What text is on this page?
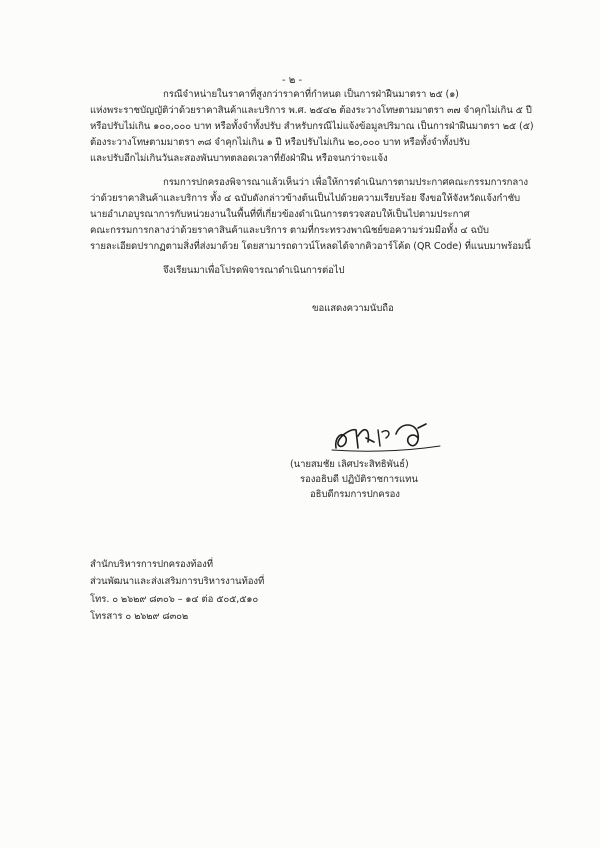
- ๒ -
กรณีจำหน่ายในราคาที่สูงกว่าราคาที่กำหนด เป็นการฝ่าฝืนมาตรา ๒๕ (๑)
แห่งพระราชบัญญัติว่าด้วยราคาสินค้าและบริการ พ.ศ. ๒๕๔๒ ต้องระวางโทษตามมาตรา ๓๗ จำคุกไม่เกิน ๕ ปี
หรือปรับไม่เกิน ๑๐๐,๐๐๐ บาท หรือทั้งจำทั้งปรับ สำหรับกรณีไม่แจ้งข้อมูลปริมาณ เป็นการฝ่าฝืนมาตรา ๒๕ (๕)
ต้องระวางโทษตามมาตรา ๓๘ จำคุกไม่เกิน ๑ ปี หรือปรับไม่เกิน ๒๐,๐๐๐ บาท หรือทั้งจำทั้งปรับ
และปรับอีกไม่เกินวันละสองพันบาทตลอดเวลาที่ยังฝ่าฝืน หรือจนกว่าจะแจ้ง
กรมการปกครองพิจารณาแล้วเห็นว่า เพื่อให้การดำเนินการตามประกาศคณะกรรมการกลาง
ว่าด้วยราคาสินค้าและบริการ ทั้ง ๔ ฉบับดังกล่าวข้างต้นเป็นไปด้วยความเรียบร้อย จึงขอให้จังหวัดแจ้งกำชับ
นายอำเภอบูรณาการกับหน่วยงานในพื้นที่ที่เกี่ยวข้องดำเนินการตรวจสอบให้เป็นไปตามประกาศ
คณะกรรมการกลางว่าด้วยราคาสินค้าและบริการ ตามที่กระทรวงพาณิชย์ขอความร่วมมือทั้ง ๔ ฉบับ
รายละเอียดปรากฏตามสิ่งที่ส่งมาด้วย โดยสามารถดาวน์โหลดได้จากคิวอาร์โค้ด (QR Code) ที่แนบมาพร้อมนี้
จึงเรียนมาเพื่อโปรดพิจารณาดำเนินการต่อไป
ขอแสดงความนับถือ
(นายสมชัย เลิศประสิทธิพันธ์)
รองอธิบดี ปฏิบัติราชการแทน
อธิบดีกรมการปกครอง
สำนักบริหารการปกครองท้องที่
ส่วนพัฒนาและส่งเสริมการบริหารงานท้องที่
โทร. ๐ ๒๖๒๙ ๘๓๐๖ – ๑๔ ต่อ ๕๐๕,๕๑๐
โทรสาร ๐ ๒๖๒๙ ๘๓๐๒
